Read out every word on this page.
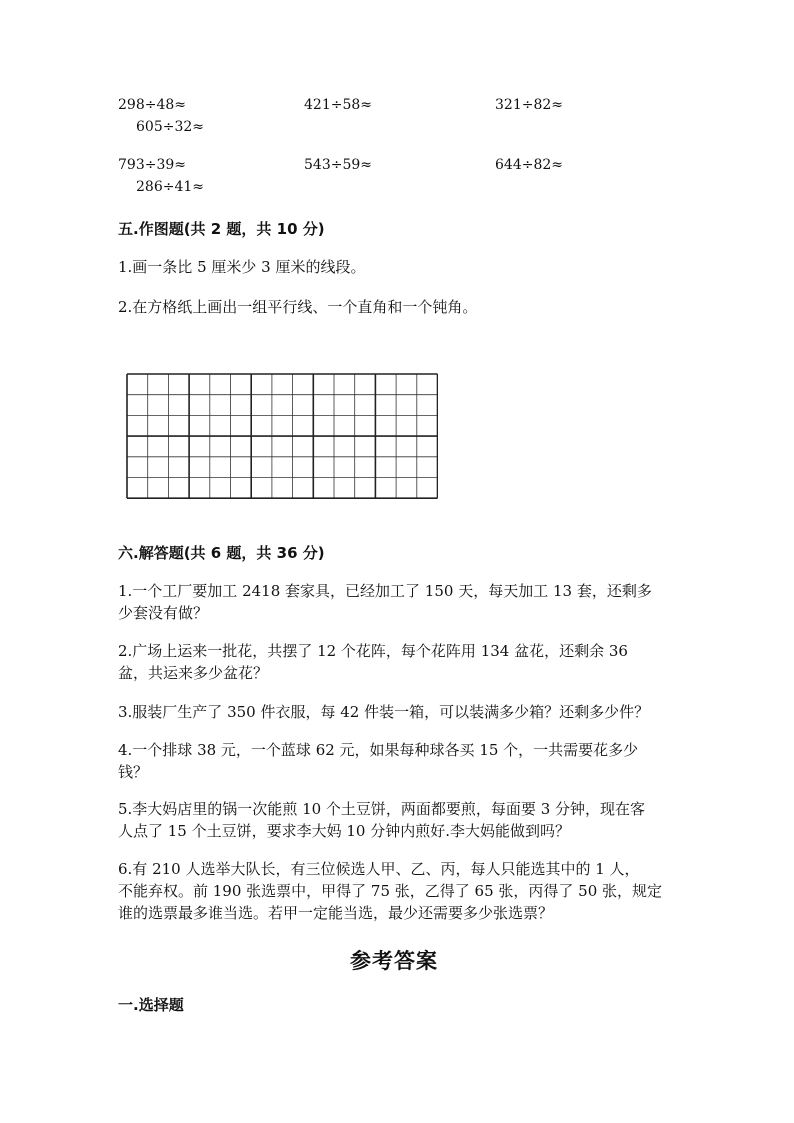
298÷48≈	421÷58≈	321÷82≈
605÷32≈
793÷39≈	543÷59≈	644÷82≈
286÷41≈
五.作图题(共 2 题，共 10 分)
1.画一条比 5 厘米少 3 厘米的线段。
2.在方格纸上画出一组平行线、一个直角和一个钝角。
六.解答题(共 6 题，共 36 分)
1.一个工厂要加工 2418 套家具，已经加工了 150 天，每天加工 13 套，还剩多
少套没有做？
2.广场上运来一批花，共摆了 12 个花阵，每个花阵用 134 盆花，还剩余 36
盆，共运来多少盆花？
3.服装厂生产了 350 件衣服，每 42 件装一箱，可以装满多少箱？还剩多少件？
4.一个排球 38 元，一个蓝球 62 元，如果每种球各买 15 个，一共需要花多少
钱？
5.李大妈店里的锅一次能煎 10 个土豆饼，两面都要煎，每面要 3 分钟，现在客
人点了 15 个土豆饼，要求李大妈 10 分钟内煎好.李大妈能做到吗？
6.有 210 人选举大队长，有三位候选人甲、乙、丙，每人只能选其中的 1 人，
不能弃权。前 190 张选票中，甲得了 75 张，乙得了 65 张，丙得了 50 张，规定
谁的选票最多谁当选。若甲一定能当选，最少还需要多少张选票？
参考答案
一.选择题
